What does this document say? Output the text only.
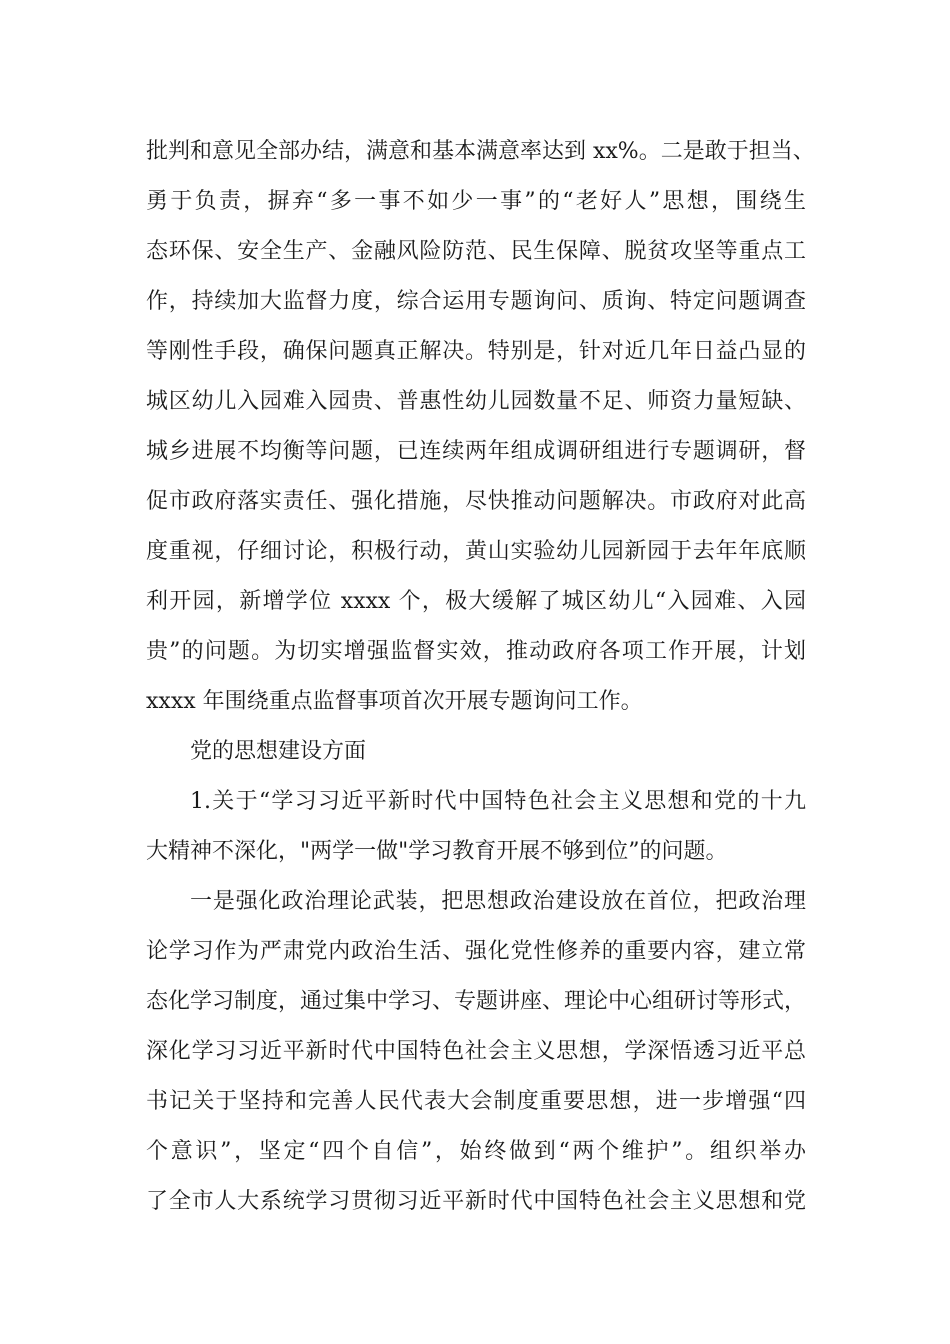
批判和意见全部办结，满意和基本满意率达到 xx%。二是敢于担当、
勇于负责，摒弃“多一事不如少一事”的“老好人”思想，围绕生
态环保、安全生产、金融风险防范、民生保障、脱贫攻坚等重点工
作，持续加大监督力度，综合运用专题询问、质询、特定问题调查
等刚性手段，确保问题真正解决。特别是，针对近几年日益凸显的
城区幼儿入园难入园贵、普惠性幼儿园数量不足、师资力量短缺、
城乡进展不均衡等问题，已连续两年组成调研组进行专题调研，督
促市政府落实责任、强化措施，尽快推动问题解决。市政府对此高
度重视，仔细讨论，积极行动，黄山实验幼儿园新园于去年年底顺
利开园，新增学位 xxxx 个，极大缓解了城区幼儿“入园难、入园
贵”的问题。为切实增强监督实效，推动政府各项工作开展，计划
xxxx 年围绕重点监督事项首次开展专题询问工作。
党的思想建设方面
1.关于“学习习近平新时代中国特色社会主义思想和党的十九
大精神不深化，"两学一做"学习教育开展不够到位”的问题。
一是强化政治理论武装，把思想政治建设放在首位，把政治理
论学习作为严肃党内政治生活、强化党性修养的重要内容，建立常
态化学习制度，通过集中学习、专题讲座、理论中心组研讨等形式，
深化学习习近平新时代中国特色社会主义思想，学深悟透习近平总
书记关于坚持和完善人民代表大会制度重要思想，进一步增强“四
个意识”，坚定“四个自信”，始终做到“两个维护”。组织举办
了全市人大系统学习贯彻习近平新时代中国特色社会主义思想和党
